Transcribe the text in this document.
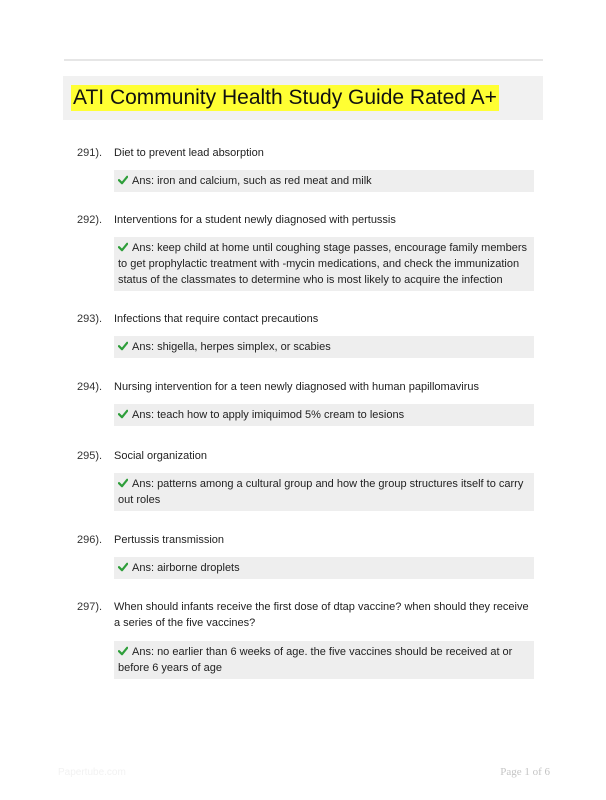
ATI Community Health Study Guide Rated A+
291). Diet to prevent lead absorption
Ans: iron and calcium, such as red meat and milk
292). Interventions for a student newly diagnosed with pertussis
Ans: keep child at home until coughing stage passes, encourage family members to get prophylactic treatment with -mycin medications, and check the immunization status of the classmates to determine who is most likely to acquire the infection
293). Infections that require contact precautions
Ans: shigella, herpes simplex, or scabies
294). Nursing intervention for a teen newly diagnosed with human papillomavirus
Ans: teach how to apply imiquimod 5% cream to lesions
295). Social organization
Ans: patterns among a cultural group and how the group structures itself to carry out roles
296). Pertussis transmission
Ans: airborne droplets
297). When should infants receive the first dose of dtap vaccine? when should they receive a series of the five vaccines?
Ans: no earlier than 6 weeks of age. the five vaccines should be received at or before 6 years of age
Papertube.com	Page 1 of 6
